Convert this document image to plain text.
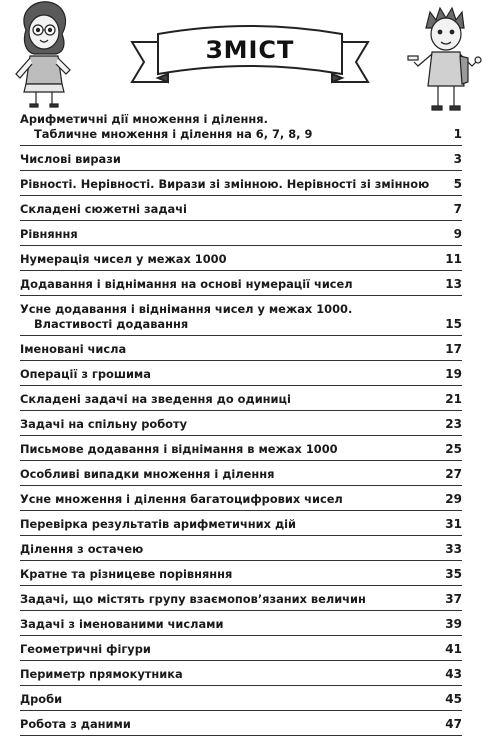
ЗМІСТ
Арифметичні дії множення і ділення.
Табличне множення і ділення на 6, 7, 8, 9	1
Числові вирази	3
Рівності. Нерівності. Вирази зі змінною. Нерівності зі змінною	5
Складені сюжетні задачі	7
Рівняння	9
Нумерація чисел у межах 1000	11
Додавання і віднімання на основі нумерації чисел	13
Усне додавання і віднімання чисел у межах 1000.
Властивості додавання	15
Іменовані числа	17
Операції з грошима	19
Складені задачі на зведення до одиниці	21
Задачі на спільну роботу	23
Письмове додавання і віднімання в межах 1000	25
Особливі випадки множення і ділення	27
Усне множення і ділення багатоцифрових чисел	29
Перевірка результатів арифметичних дій	31
Ділення з остачею	33
Кратне та різницеве порівняння	35
Задачі, що містять групу взаємопов’язаних величин	37
Задачі з іменованими числами	39
Геометричні фігури	41
Периметр прямокутника	43
Дроби	45
Робота з даними	47
